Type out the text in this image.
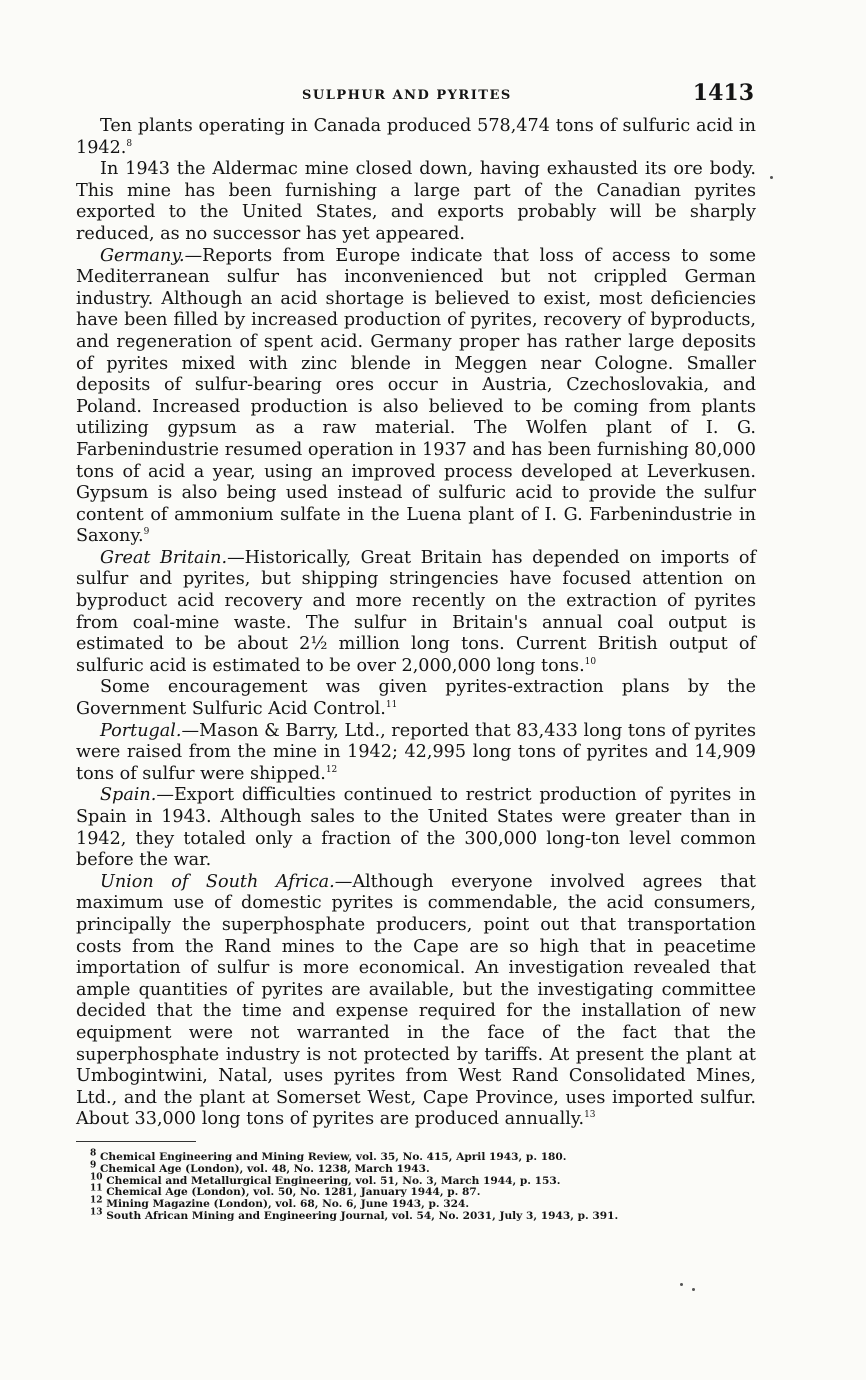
SULPHUR AND PYRITES	1413

Ten plants operating in Canada produced 578,474 tons of sulfuric acid in 1942.$^8$

In 1943 the Aldermac mine closed down, having exhausted its ore body. This mine has been furnishing a large part of the Canadian pyrites exported to the United States, and exports probably will be sharply reduced, as no successor has yet appeared.

Germany.—Reports from Europe indicate that loss of access to some Mediterranean sulfur has inconvenienced but not crippled German industry. Although an acid shortage is believed to exist, most deficiencies have been filled by increased production of pyrites, recovery of byproducts, and regeneration of spent acid. Germany proper has rather large deposits of pyrites mixed with zinc blende in Meggen near Cologne. Smaller deposits of sulfur-bearing ores occur in Austria, Czechoslovakia, and Poland. Increased production is also believed to be coming from plants utilizing gypsum as a raw material. The Wolfen plant of I. G. Farbenindustrie resumed operation in 1937 and has been furnishing 80,000 tons of acid a year, using an improved process developed at Leverkusen. Gypsum is also being used instead of sulfuric acid to provide the sulfur content of ammonium sulfate in the Luena plant of I. G. Farbenindustrie in Saxony.$^9$

Great Britain.—Historically, Great Britain has depended on imports of sulfur and pyrites, but shipping stringencies have focused attention on byproduct acid recovery and more recently on the extraction of pyrites from coal-mine waste. The sulfur in Britain's annual coal output is estimated to be about 2½ million long tons. Current British output of sulfuric acid is estimated to be over 2,000,000 long tons.$^{10}$

Some encouragement was given pyrites-extraction plans by the Government Sulfuric Acid Control.$^{11}$

Portugal.—Mason & Barry, Ltd., reported that 83,433 long tons of pyrites were raised from the mine in 1942; 42,995 long tons of pyrites and 14,909 tons of sulfur were shipped.$^{12}$

Spain.—Export difficulties continued to restrict production of pyrites in Spain in 1943. Although sales to the United States were greater than in 1942, they totaled only a fraction of the 300,000 long-ton level common before the war.

Union of South Africa.—Although everyone involved agrees that maximum use of domestic pyrites is commendable, the acid consumers, principally the superphosphate producers, point out that transportation costs from the Rand mines to the Cape are so high that in peacetime importation of sulfur is more economical. An investigation revealed that ample quantities of pyrites are available, but the investigating committee decided that the time and expense required for the installation of new equipment were not warranted in the face of the fact that the superphosphate industry is not protected by tariffs. At present the plant at Umbogintwini, Natal, uses pyrites from West Rand Consolidated Mines, Ltd., and the plant at Somerset West, Cape Province, uses imported sulfur. About 33,000 long tons of pyrites are produced annually.$^{13}$

$^8$ Chemical Engineering and Mining Review, vol. 35, No. 415, April 1943, p. 180.

$^9$ Chemical Age (London), vol. 48, No. 1238, March 1943.

$^{10}$ Chemical and Metallurgical Engineering, vol. 51, No. 3, March 1944, p. 153.

$^{11}$ Chemical Age (London), vol. 50, No. 1281, January 1944, p. 87.

$^{12}$ Mining Magazine (London), vol. 68, No. 6, June 1943, p. 324.

$^{13}$ South African Mining and Engineering Journal, vol. 54, No. 2031, July 3, 1943, p. 391.
